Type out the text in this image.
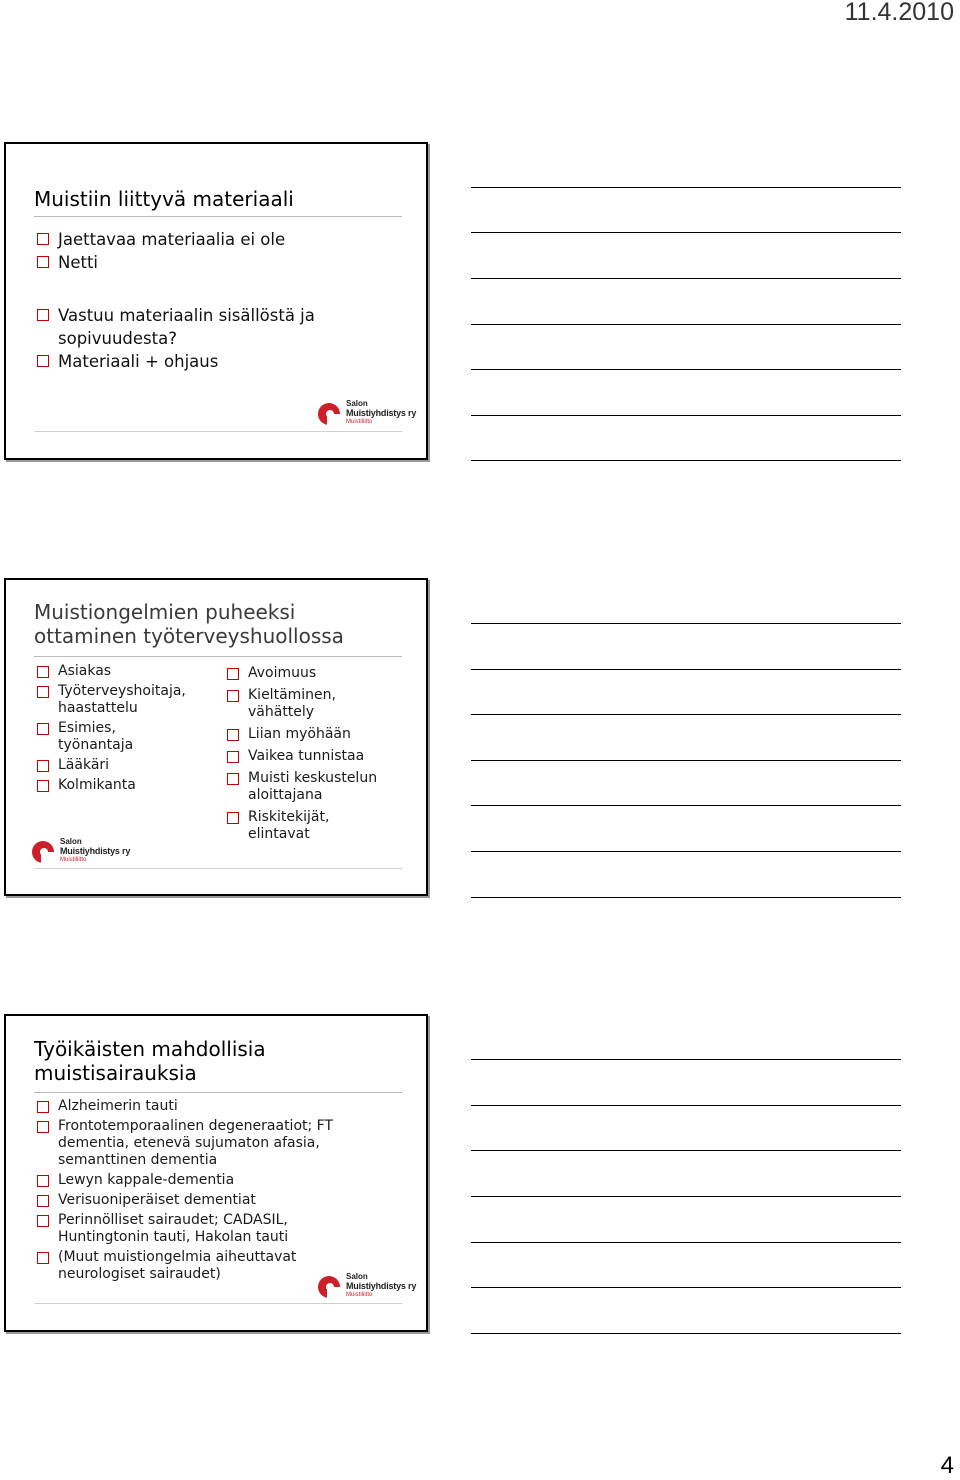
11.4.2010
Muistiin liittyvä materiaali
Jaettavaa materiaalia ei ole
Netti
Vastuu materiaalin sisällöstä ja sopivuudesta?
Materiaali + ohjaus
Salon
Muistiyhdistys ry
Muistiliitto
Muistiongelmien puheeksi ottaminen työterveyshuollossa
Asiakas
Työterveyshoitaja, haastattelu
Esimies, työnantaja
Lääkäri
Kolmikanta
Avoimuus
Kieltäminen, vähättely
Liian myöhään
Vaikea tunnistaa
Muisti keskustelun aloittajana
Riskitekijät, elintavat
Salon
Muistiyhdistys ry
Muistiliitto
Työikäisten mahdollisia muistisairauksia
Alzheimerin tauti
Frontotemporaalinen degeneraatiot; FT dementia, etenevä sujumaton afasia, semanttinen dementia
Lewyn kappale-dementia
Verisuoniperäiset dementiat
Perinnölliset sairaudet; CADASIL, Huntingtonin tauti, Hakolan tauti
(Muut muistiongelmia aiheuttavat neurologiset sairaudet)	Salon
Muistiyhdistys ry
Muistiliitto
4
